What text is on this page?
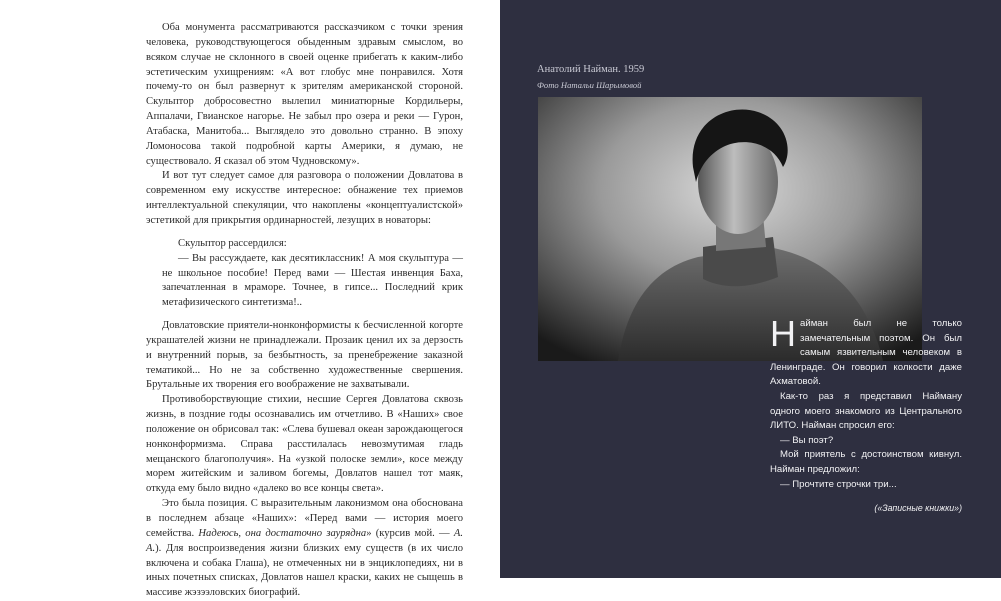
Оба монумента рассматриваются рассказчиком с точки зрения человека, руководствующегося обыденным здравым смыслом, во всяком случае не склонного в своей оценке прибегать к каким-либо эстетическим ухищрениям: «А вот глобус мне понравился. Хотя почему-то он был развернут к зрителям американской стороной. Скульптор добросовестно вылепил миниатюрные Кордильеры, Аппалачи, Гвианское нагорье. Не забыл про озера и реки — Гурон, Атабаска, Манитоба... Выглядело это довольно странно. В эпоху Ломоносова такой подробной карты Америки, я думаю, не существовало. Я сказал об этом Чудновскому».

И вот тут следует самое для разговора о положении Довлатова в современном ему искусстве интересное: обнажение тех приемов интеллектуальной спекуляции, что накоплены «концептуалистской» эстетикой для прикрытия ординарностей, лезущих в новаторы:

Скульптор рассердился:

— Вы рассуждаете, как десятиклассник! А моя скульптура — не школьное пособие! Перед вами — Шестая инвенция Баха, запечатленная в мраморе. Точнее, в гипсе... Последний крик метафизического синтетизма!..

Довлатовские приятели-нонконформисты к бесчисленной когорте украшателей жизни не принадлежали. Прозаик ценил их за дерзость и внутренний порыв, за безбытность, за пренебрежение заказной тематикой... Но не за собственно художественные свершения. Брутальные их творения его воображение не захватывали.

Противоборствующие стихии, несшие Сергея Довлатова сквозь жизнь, в поздние годы осознавались им отчетливо. В «Наших» свое положение он обрисовал так: «Слева бушевал океан зарождающегося нонконформизма. Справа расстилалась невозмутимая гладь мещанского благополучия». На «узкой полоске земли», косе между морем житейским и заливом богемы, Довлатов нашел тот маяк, откуда ему было видно «далеко во все концы света».

Это была позиция. С выразительным лаконизмом она обоснована в последнем абзаце «Наших»: «Перед вами — история моего семейства. Надеюсь, она достаточно заурядна» (курсив мой. — А. А.). Для воспроизведения жизни близких ему существ (в их число включена и собака Глаша), не отмеченных ни в энциклопедиях, ни в иных почетных списках, Довлатов нашел краски, каких не сыщешь в массиве жэзээловских биографий.

Анатолий Найман. 1959
Фото Натальи Шарымовой

Н айман был не только замечательным поэтом. Он был самым язвительным человеком в Ленинграде. Он говорил колкости даже Ахматовой.

Как-то раз я представил Найману одного моего знакомого из Центрального ЛИТО. Найман спросил его:

— Вы поэт?

Мой приятель с достоинством кивнул. Найман предложил:

— Прочтите строчки три...

(«Записные книжки»)
